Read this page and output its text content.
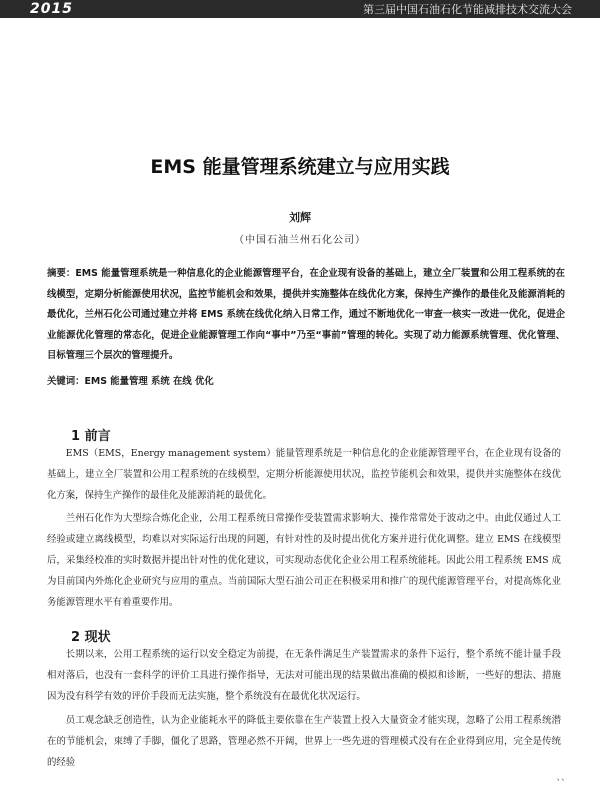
2015	第三届中国石油石化节能减排技术交流大会
EMS 能量管理系统建立与应用实践
刘辉
（中国石油兰州石化公司）
摘要：EMS 能量管理系统是一种信息化的企业能源管理平台，在企业现有设备的基础上，建立全厂装置和公用工程系统的在线模型，定期分析能源使用状况，监控节能机会和效果，提供并实施整体在线优化方案，保持生产操作的最佳化及能源消耗的最优化，兰州石化公司通过建立并将 EMS 系统在线优化纳入日常工作，通过不断地优化一审查一核实一改进一优化，促进企业能源优化管理的常态化，促进企业能源管理工作向“事中”乃至“事前”管理的转化。实现了动力能源系统管理、优化管理、目标管理三个层次的管理提升。
关键词：EMS 能量管理 系统 在线 优化
1 前言
EMS（EMS，Energy management system）能量管理系统是一种信息化的企业能源管理平台，在企业现有设备的基础上，建立全厂装置和公用工程系统的在线模型，定期分析能源使用状况，监控节能机会和效果，提供并实施整体在线优化方案，保持生产操作的最佳化及能源消耗的最优化。
兰州石化作为大型综合炼化企业，公用工程系统日常操作受装置需求影响大、操作常常处于波动之中。由此仅通过人工经验或建立离线模型，均难以对实际运行出现的问题，有针对性的及时提出优化方案并进行优化调整。建立 EMS 在线模型后，采集经校准的实时数据并提出针对性的优化建议，可实现动态优化企业公用工程系统能耗。因此公用工程系统 EMS 成为目前国内外炼化企业研究与应用的重点。当前国际大型石油公司正在积极采用和推广的现代能源管理平台，对提高炼化业务能源管理水平有着重要作用。
2 现状
长期以来，公用工程系统的运行以安全稳定为前提，在无条件满足生产装置需求的条件下运行，整个系统不能计量手段相对落后，也没有一套科学的评价工具进行操作指导，无法对可能出现的结果做出准确的模拟和诊断，一些好的想法、措施因为没有科学有效的评价手段而无法实施，整个系统没有在最优化状况运行。
员工观念缺乏创造性，认为企业能耗水平的降低主要依靠在生产装置上投入大量资金才能实现，忽略了公用工程系统潜在的节能机会，束缚了手脚，僵化了思路，管理必然不开阔，世界上一些先进的管理模式没有在企业得到应用，完全是传统的经验
、、
